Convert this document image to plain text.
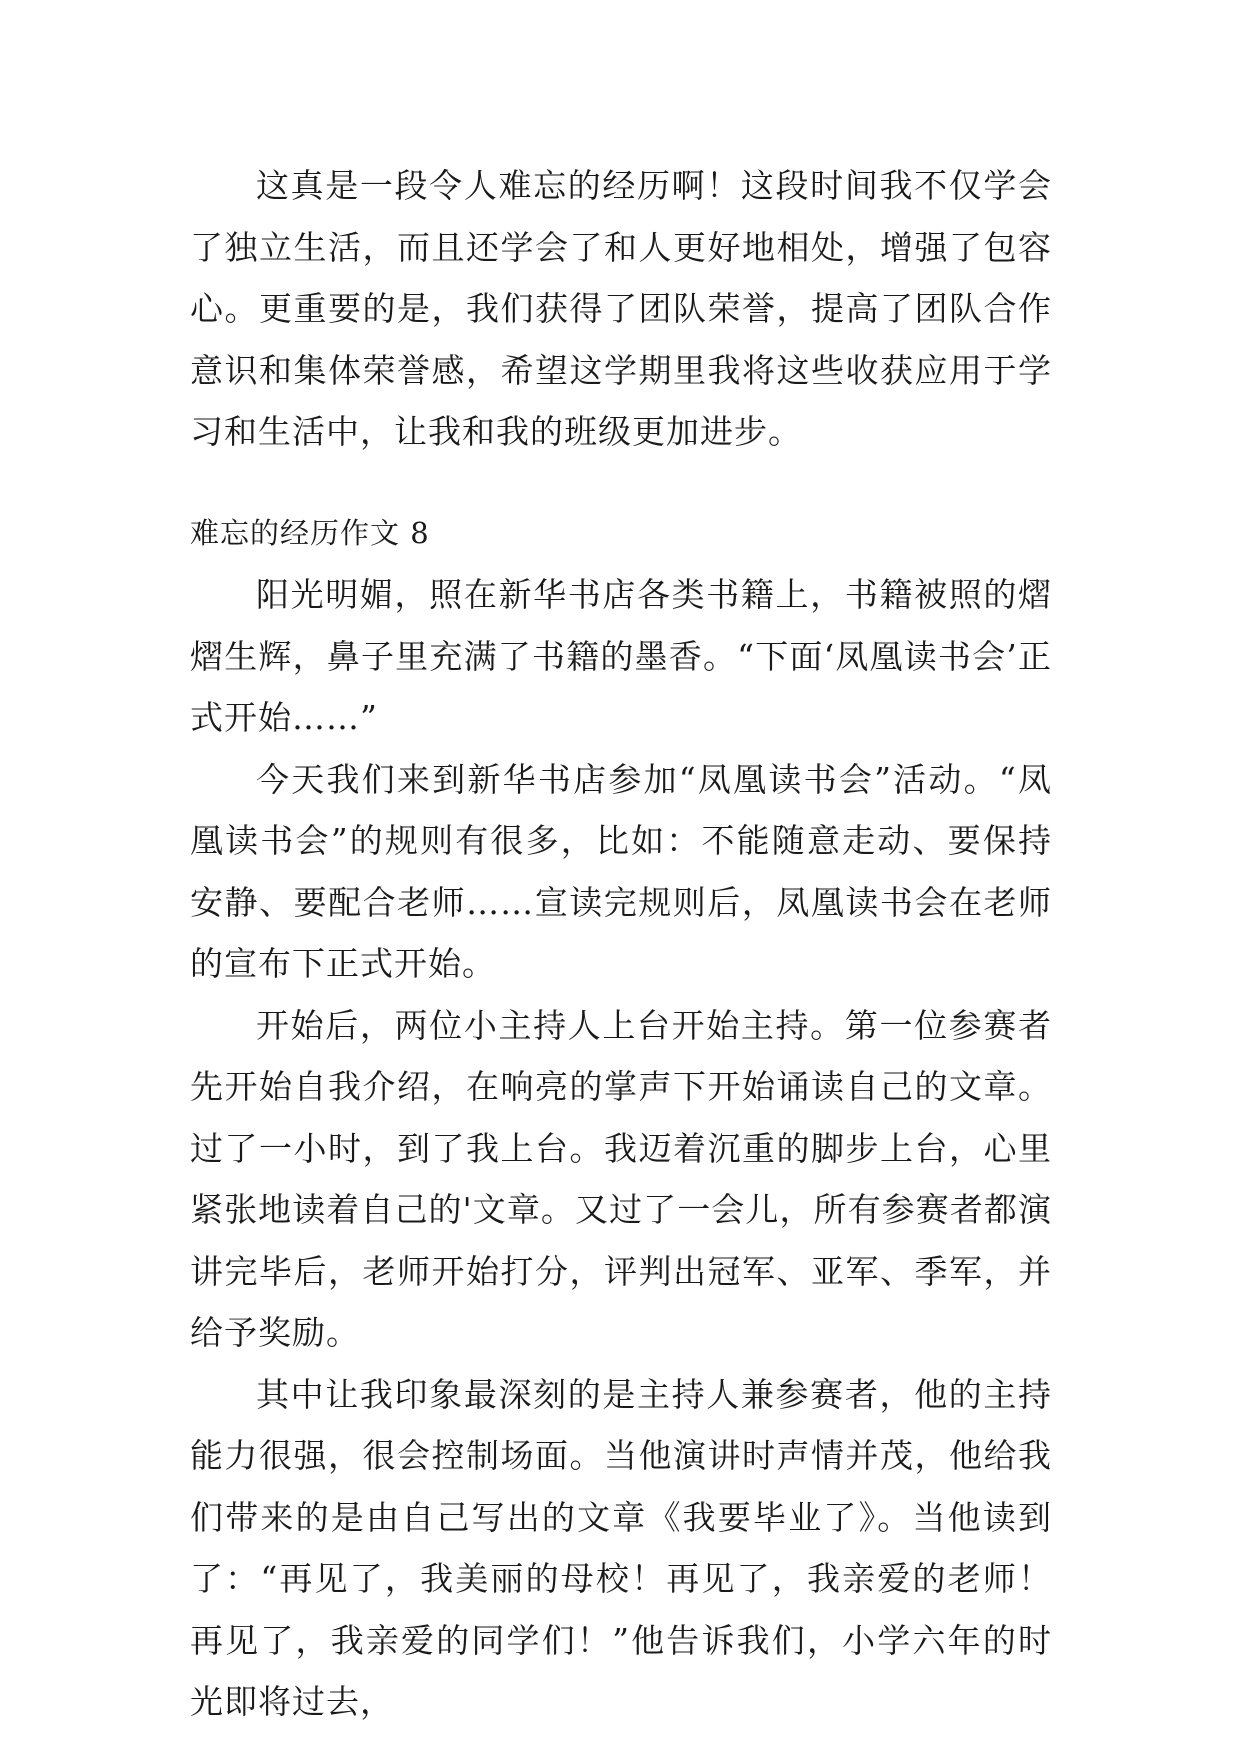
这真是一段令人难忘的经历啊！这段时间我不仅学会了独立生活，而且还学会了和人更好地相处，增强了包容心。更重要的是，我们获得了团队荣誉，提高了团队合作意识和集体荣誉感，希望这学期里我将这些收获应用于学习和生活中，让我和我的班级更加进步。

难忘的经历作文 8

阳光明媚，照在新华书店各类书籍上，书籍被照的熠熠生辉，鼻子里充满了书籍的墨香。“下面‘凤凰读书会’正式开始……”

今天我们来到新华书店参加“凤凰读书会”活动。“凤凰读书会”的规则有很多，比如：不能随意走动、要保持安静、要配合老师……宣读完规则后，凤凰读书会在老师的宣布下正式开始。

开始后，两位小主持人上台开始主持。第一位参赛者先开始自我介绍，在响亮的掌声下开始诵读自己的文章。过了一小时，到了我上台。我迈着沉重的脚步上台，心里紧张地读着自己的'文章。又过了一会儿，所有参赛者都演讲完毕后，老师开始打分，评判出冠军、亚军、季军，并给予奖励。

其中让我印象最深刻的是主持人兼参赛者，他的主持能力很强，很会控制场面。当他演讲时声情并茂，他给我们带来的是由自己写出的文章《我要毕业了》。当他读到了：“再见了，我美丽的母校！再见了，我亲爱的老师！再见了，我亲爱的同学们！”他告诉我们，小学六年的时光即将过去，
